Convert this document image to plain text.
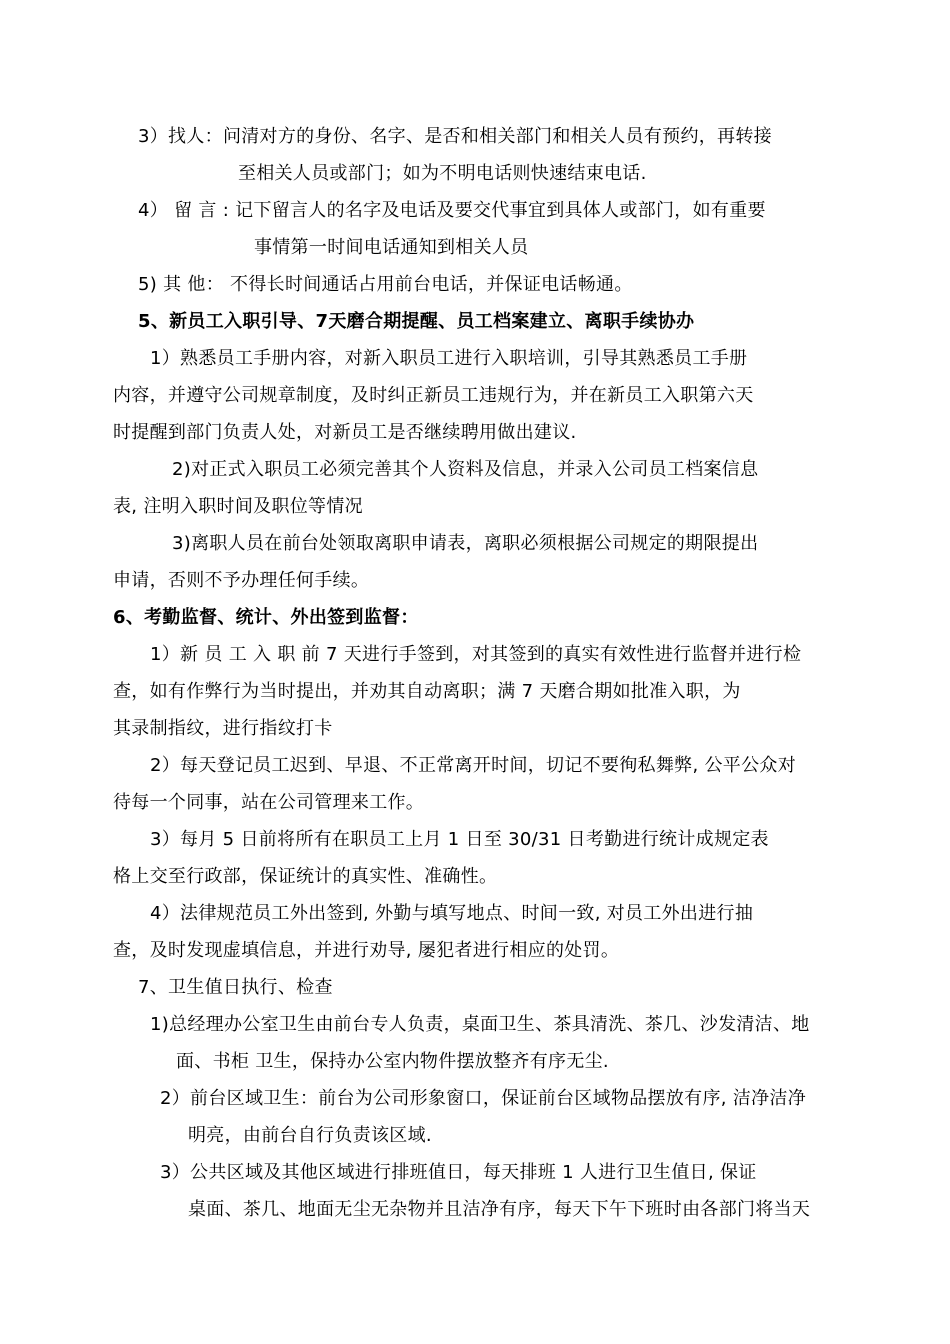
3）找人：问清对方的身份、名字、是否和相关部门和相关人员有预约，再转接
至相关人员或部门；如为不明电话则快速结束电话.
4） 留 言 : 记下留言人的名字及电话及要交代事宜到具体人或部门，如有重要
事情第一时间电话通知到相关人员
5) 其 他： 不得长时间通话占用前台电话，并保证电话畅通。
5、新员工入职引导、7天磨合期提醒、员工档案建立、离职手续协办
1）熟悉员工手册内容，对新入职员工进行入职培训，引导其熟悉员工手册
内容，并遵守公司规章制度，及时纠正新员工违规行为，并在新员工入职第六天
时提醒到部门负责人处，对新员工是否继续聘用做出建议.
2)对正式入职员工必须完善其个人资料及信息，并录入公司员工档案信息
表, 注明入职时间及职位等情况
3)离职人员在前台处领取离职申请表，离职必须根据公司规定的期限提出
申请，否则不予办理任何手续。
6、考勤监督、统计、外出签到监督：
1）新 员 工 入 职 前 7 天进行手签到，对其签到的真实有效性进行监督并进行检
查，如有作弊行为当时提出，并劝其自动离职；满 7 天磨合期如批准入职，为
其录制指纹，进行指纹打卡
2）每天登记员工迟到、早退、不正常离开时间，切记不要徇私舞弊, 公平公众对
待每一个同事，站在公司管理来工作。
3）每月 5 日前将所有在职员工上月 1 日至 30/31 日考勤进行统计成规定表
格上交至行政部，保证统计的真实性、准确性。
4）法律规范员工外出签到, 外勤与填写地点、时间一致, 对员工外出进行抽
查，及时发现虚填信息，并进行劝导, 屡犯者进行相应的处罚。
7、卫生值日执行、检查
1)总经理办公室卫生由前台专人负责，桌面卫生、茶具清洗、茶几、沙发清洁、地
面、书柜 卫生，保持办公室内物件摆放整齐有序无尘.
2）前台区域卫生：前台为公司形象窗口，保证前台区域物品摆放有序, 洁净洁净
明亮，由前台自行负责该区域.
3）公共区域及其他区域进行排班值日，每天排班 1 人进行卫生值日, 保证
桌面、茶几、地面无尘无杂物并且洁净有序，每天下午下班时由各部门将当天
